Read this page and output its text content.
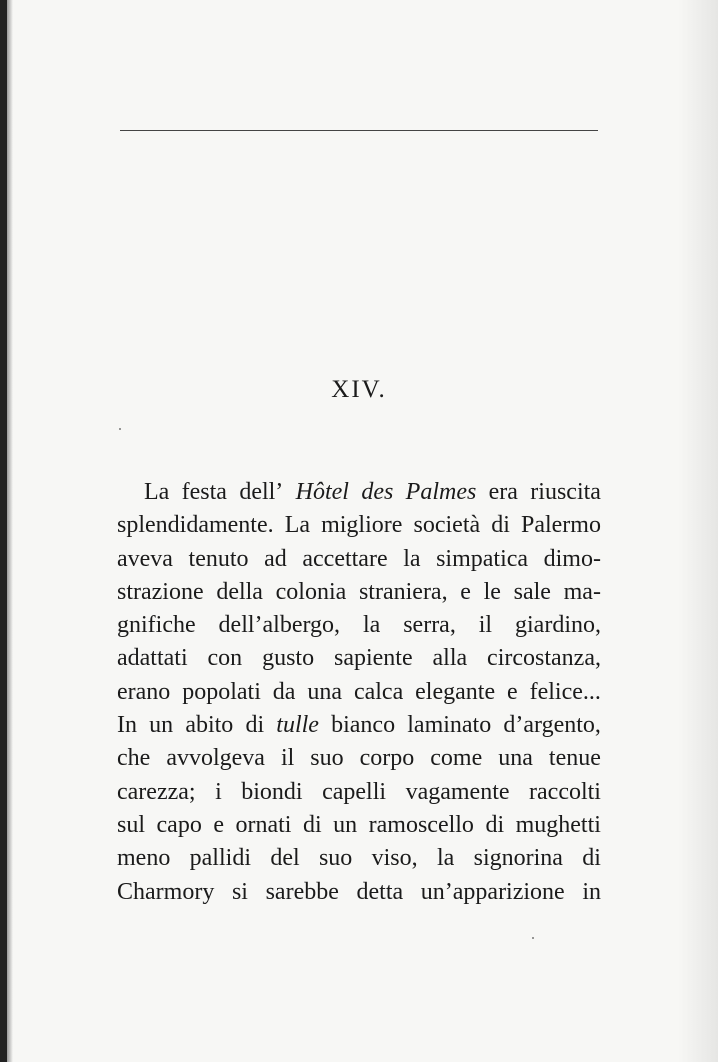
XIV.
La festa dell’ Hôtel des Palmes era riuscita
splendidamente. La migliore società di Palermo
aveva tenuto ad accettare la simpatica dimo-
strazione della colonia straniera, e le sale ma-
gnifiche dell’albergo, la serra, il giardino,
adattati con gusto sapiente alla circostanza,
erano popolati da una calca elegante e felice...
In un abito di tulle bianco laminato d’argento,
che avvolgeva il suo corpo come una tenue
carezza; i biondi capelli vagamente raccolti
sul capo e ornati di un ramoscello di mughetti
meno pallidi del suo viso, la signorina di
Charmory si sarebbe detta un’apparizione in
